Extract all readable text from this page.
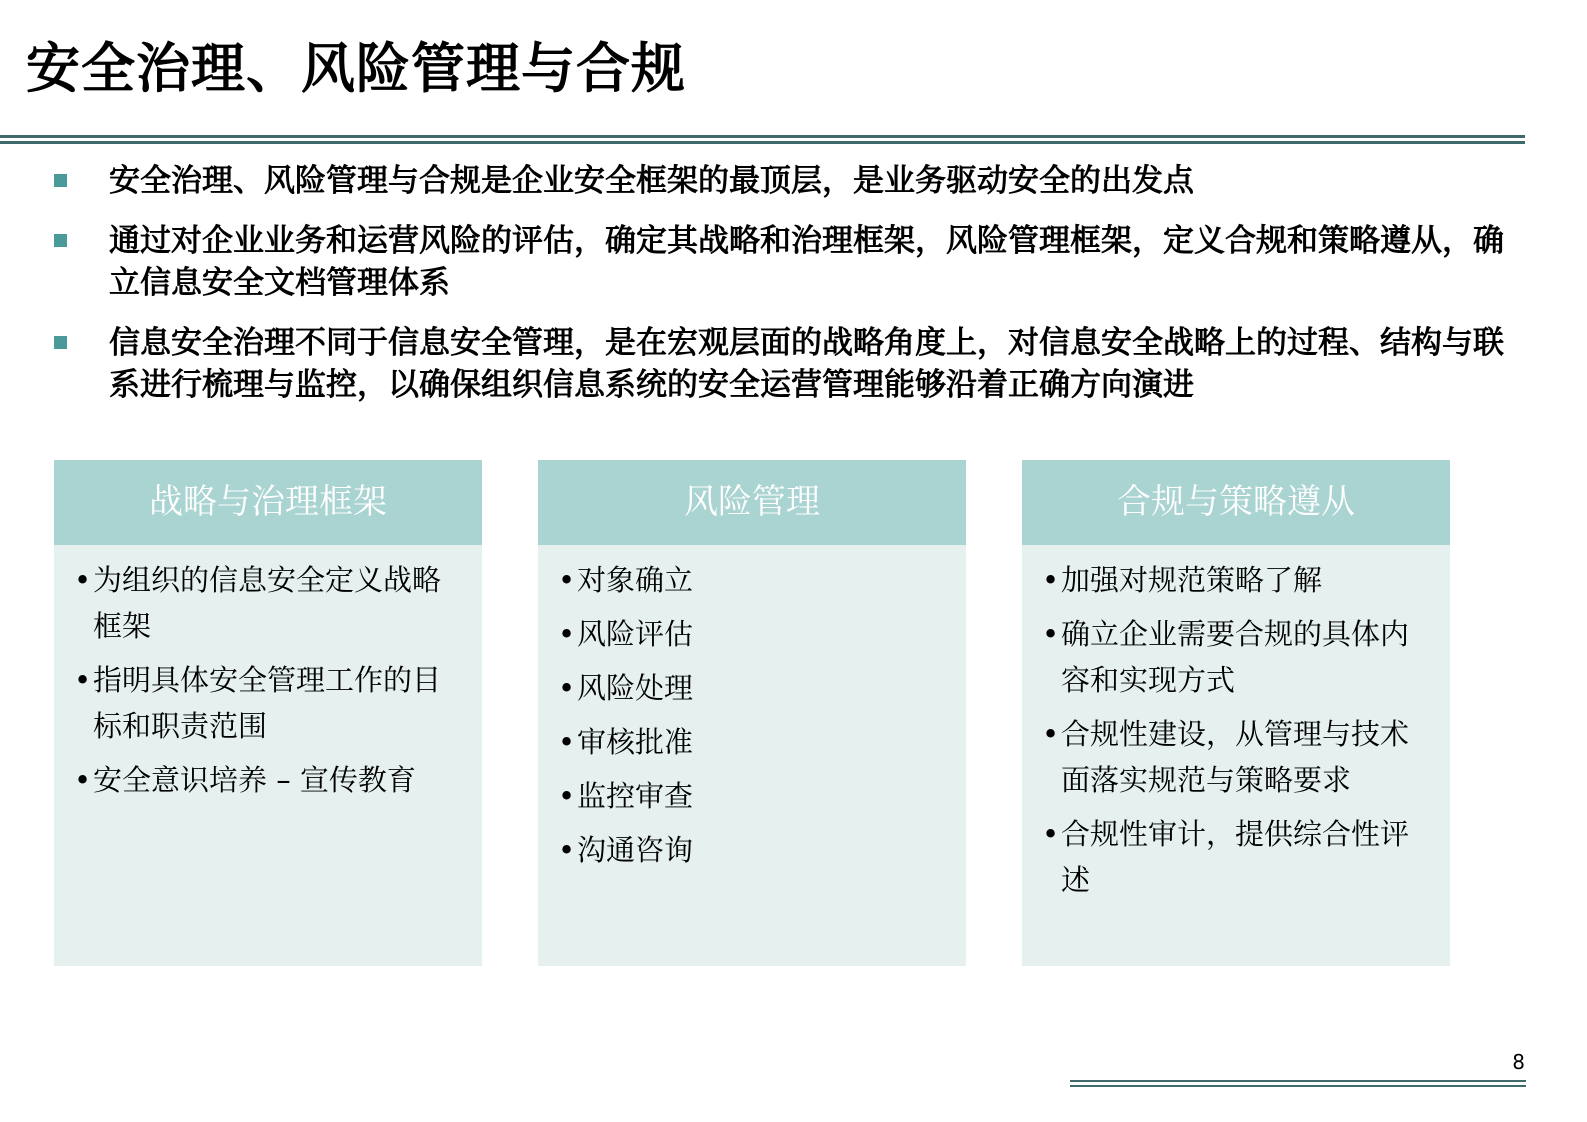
安全治理、风险管理与合规
安全治理、风险管理与合规是企业安全框架的最顶层，是业务驱动安全的出发点
通过对企业业务和运营风险的评估，确定其战略和治理框架，风险管理框架，定义合规和策略遵从，确立信息安全文档管理体系
信息安全治理不同于信息安全管理，是在宏观层面的战略角度上，对信息安全战略上的过程、结构与联系进行梳理与监控，以确保组织信息系统的安全运营管理能够沿着正确方向演进
战略与治理框架
• 为组织的信息安全定义战略框架
• 指明具体安全管理工作的目标和职责范围
• 安全意识培养 – 宣传教育
风险管理
• 对象确立
• 风险评估
• 风险处理
• 审核批准
• 监控审查
• 沟通咨询
合规与策略遵从
• 加强对规范策略了解
• 确立企业需要合规的具体内容和实现方式
• 合规性建设，从管理与技术面落实规范与策略要求
• 合规性审计，提供综合性评述
8
